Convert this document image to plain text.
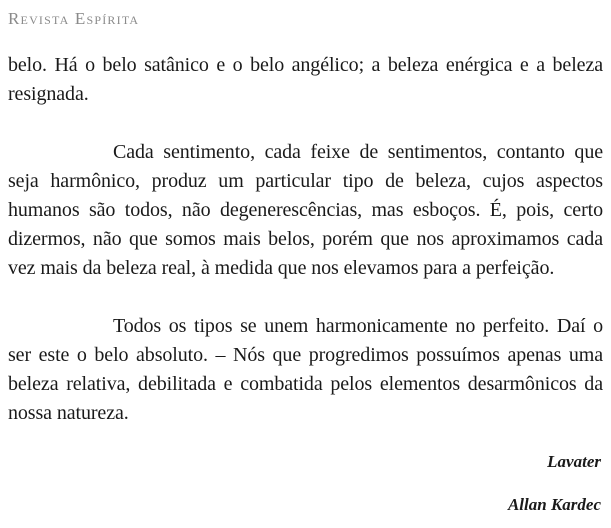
Revista Espírita

belo. Há o belo satânico e o belo angélico; a beleza enérgica e a beleza resignada.

Cada sentimento, cada feixe de sentimentos, contanto que seja harmônico, produz um particular tipo de beleza, cujos aspectos humanos são todos, não degenerescências, mas esboços. É, pois, certo dizermos, não que somos mais belos, porém que nos aproximamos cada vez mais da beleza real, à medida que nos elevamos para a perfeição.

Todos os tipos se unem harmonicamente no perfeito. Daí o ser este o belo absoluto. – Nós que progredimos possuímos apenas uma beleza relativa, debilitada e combatida pelos elementos desarmônicos da nossa natureza.

Lavater

Allan Kardec
